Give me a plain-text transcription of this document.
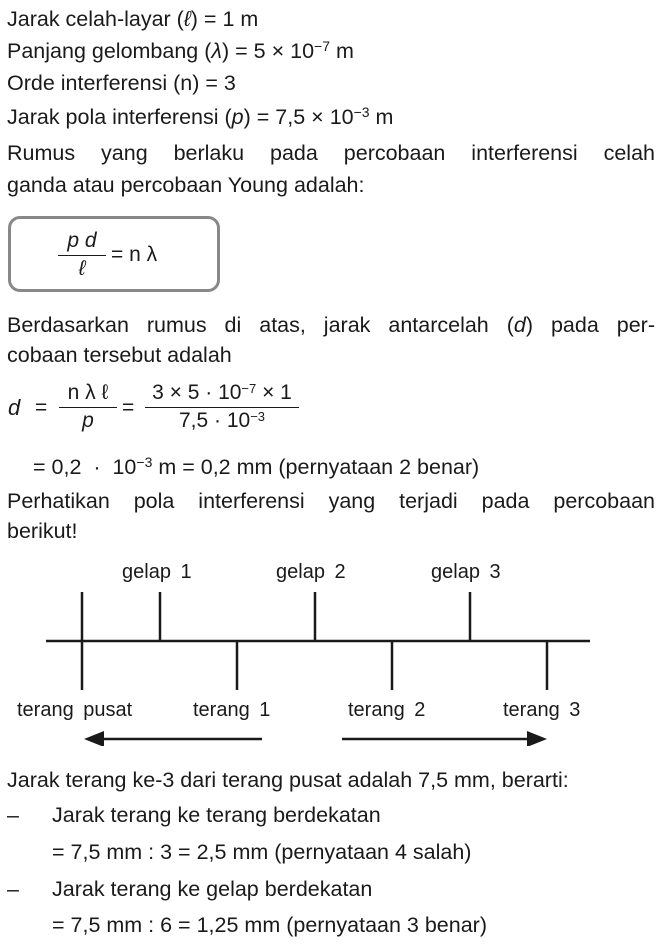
Jarak celah-layar (ℓ) = 1 m
Panjang gelombang $(\lambda) = 5 \times 10^{-7}$ m
Orde interferensi (n) = 3
Jarak pola interferensi $(p) = 7,5 \times 10^{-3}$ m
Rumus yang berlaku pada percobaan interferensi celah
ganda atau percobaan Young adalah:
p d
ℓ
= n λ
Berdasarkan rumus di atas, jarak antarcelah (d) pada per-
cobaan tersebut adalah
d =
n λ ℓ
p
= $\frac{3 \times 5 \cdot 10^{-7} \times 1}{7,5 \cdot 10^{-3}}$
= $0,2 \cdot 10^{-3}$ m = 0,2 mm (pernyataan 2 benar)
Perhatikan pola interferensi yang terjadi pada percobaan
berikut!
gelap 1	gelap 2	gelap 3
terang pusat	terang 1	terang 2	terang 3
Jarak terang ke-3 dari terang pusat adalah 7,5 mm, berarti:
– Jarak terang ke terang berdekatan
= 7,5 mm : 3 = 2,5 mm (pernyataan 4 salah)
– Jarak terang ke gelap berdekatan
= 7,5 mm : 6 = 1,25 mm (pernyataan 3 benar)
